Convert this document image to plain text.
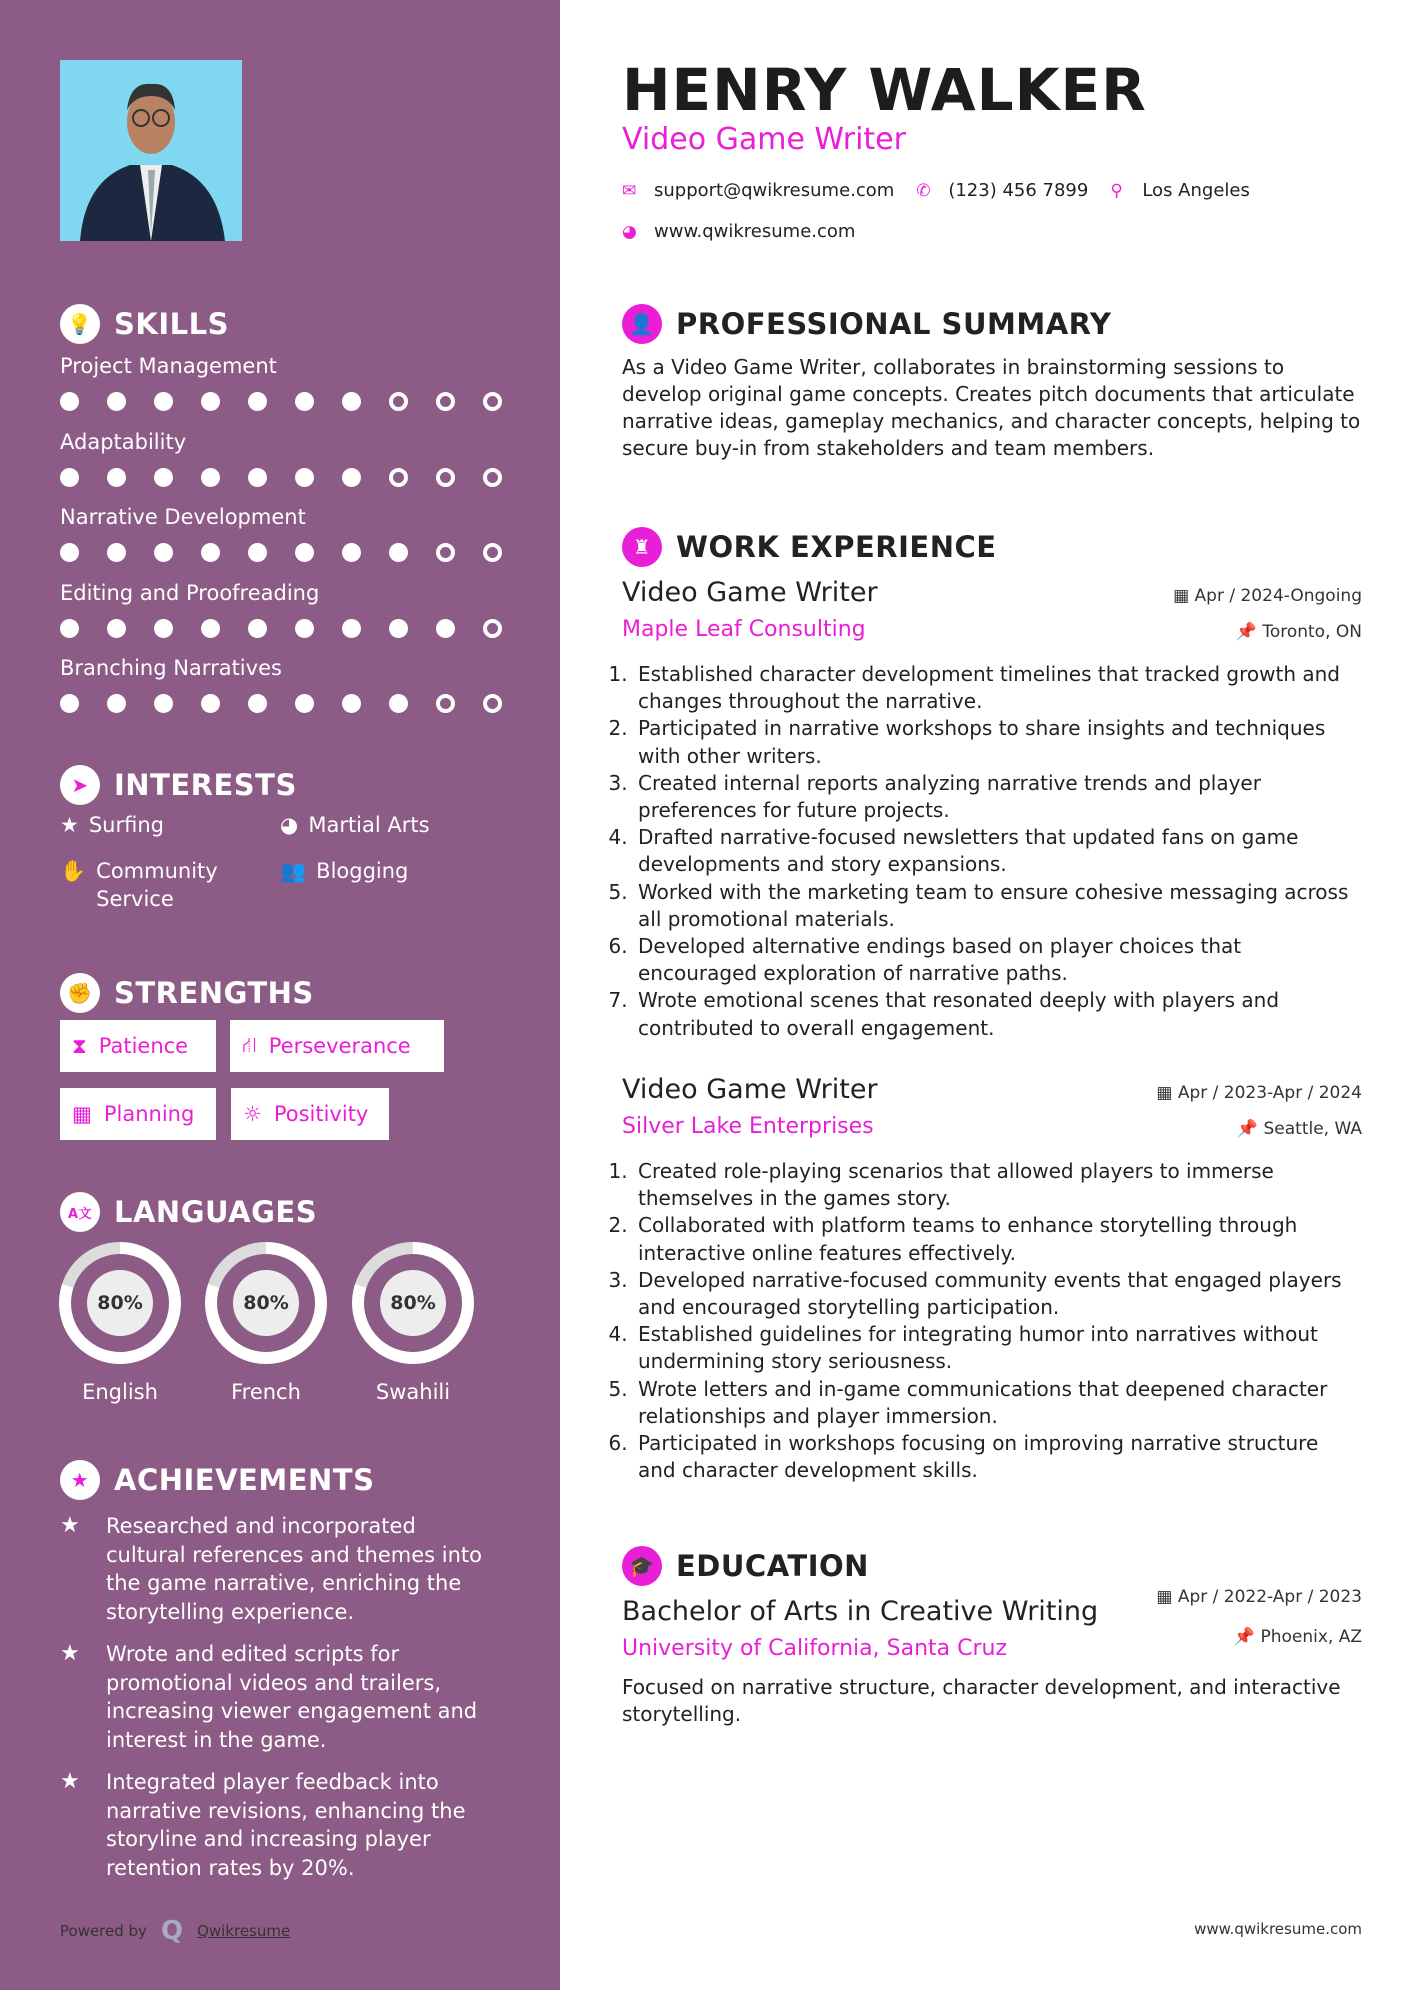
💡 SKILLS
Project Management
Adaptability
Narrative Development
Editing and Proofreading
Branching Narratives
➤ INTERESTS
★ Surfing	◕ Martial Arts
✋ Community Service
👥 Blogging
✊ STRENGTHS
⧗ Patience	⛙ Perseverance
▦ Planning ☼ Positivity
A文 LANGUAGES
80%
English
80%
French
80%
Swahili
★ ACHIEVEMENTS
★	Researched and incorporated cultural references and themes into the game narrative, enriching the storytelling experience.
★	Wrote and edited scripts for promotional videos and trailers, increasing viewer engagement and interest in the game.
★	Integrated player feedback into narrative revisions, enhancing the storyline and increasing player retention rates by 20%.
Powered by Q Qwikresume
HENRY WALKER
Video Game Writer
✉ support@qwikresume.com ✆ (123) 456 7899 ⚲	Los Angeles
◕ www.qwikresume.com
👤 PROFESSIONAL SUMMARY

As a Video Game Writer, collaborates in brainstorming sessions to develop original game concepts. Creates pitch documents that articulate narrative ideas, gameplay mechanics, and character concepts, helping to secure buy-in from stakeholders and team members.

♜ WORK EXPERIENCE
Video Game Writer	▦ Apr / 2024-Ongoing
Maple Leaf Consulting	📌 Toronto, ON
1. Established character development timelines that tracked growth and changes throughout the narrative.
2. Participated in narrative workshops to share insights and techniques with other writers.
3. Created internal reports analyzing narrative trends and player preferences for future projects.
4. Drafted narrative-focused newsletters that updated fans on game developments and story expansions.
5. Worked with the marketing team to ensure cohesive messaging across all promotional materials.
6. Developed alternative endings based on player choices that encouraged exploration of narrative paths.
7. Wrote emotional scenes that resonated deeply with players and contributed to overall engagement.
Video Game Writer	▦ Apr / 2023-Apr / 2024
Silver Lake Enterprises	📌 Seattle, WA
1. Created role-playing scenarios that allowed players to immerse themselves in the games story.
2. Collaborated with platform teams to enhance storytelling through interactive online features effectively.
3. Developed narrative-focused community events that engaged players and encouraged storytelling participation.
4. Established guidelines for integrating humor into narratives without undermining story seriousness.
5. Wrote letters and in-game communications that deepened character relationships and player immersion.
6. Participated in workshops focusing on improving narrative structure and character development skills.
🎓 EDUCATION
Bachelor of Arts in Creative Writing	▦ Apr / 2022-Apr / 2023
University of California, Santa Cruz	📌 Phoenix, AZ

Focused on narrative structure, character development, and interactive storytelling.

www.qwikresume.com
